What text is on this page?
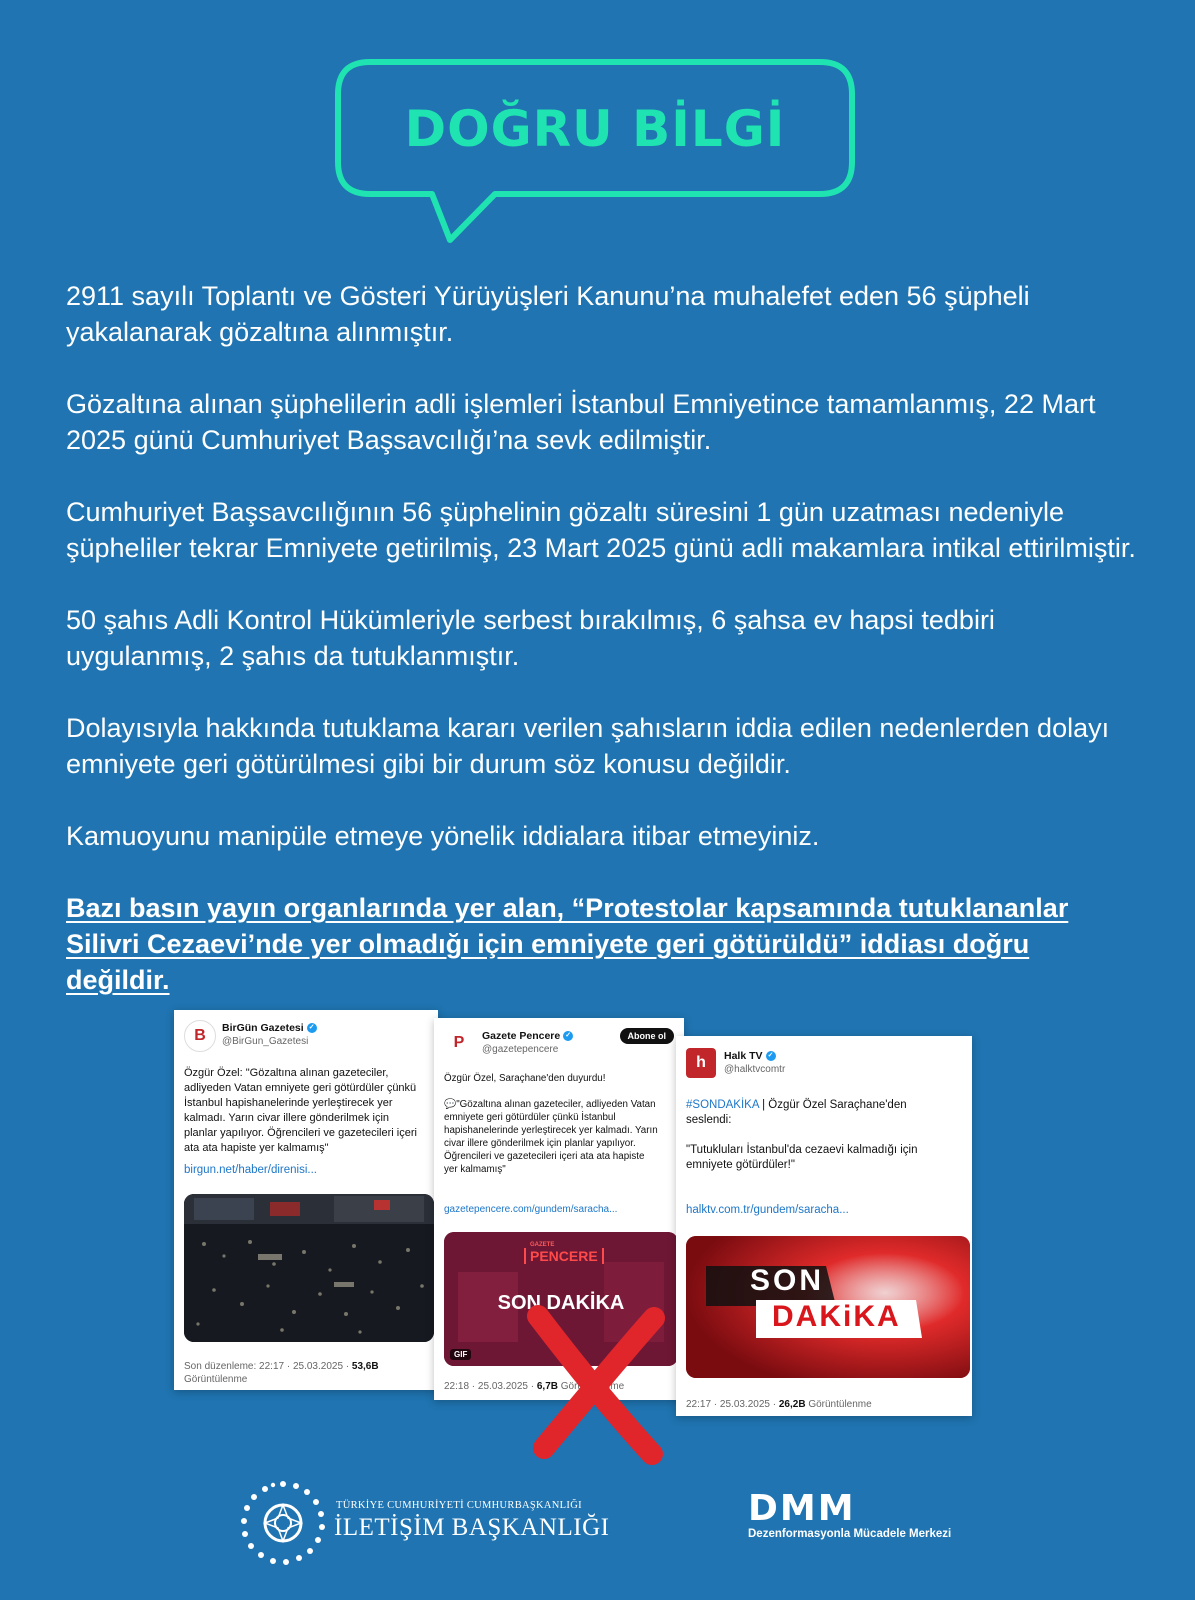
DOĞRU BİLGİ

2911 sayılı Toplantı ve Gösteri Yürüyüşleri Kanunu’na muhalefet eden 56 şüpheli yakalanarak gözaltına alınmıştır.

Gözaltına alınan şüphelilerin adli işlemleri İstanbul Emniyetince tamamlanmış, 22 Mart 2025 günü Cumhuriyet Başsavcılığı’na sevk edilmiştir.

Cumhuriyet Başsavcılığının 56 şüphelinin gözaltı süresini 1 gün uzatması nedeniyle şüpheliler tekrar Emniyete getirilmiş, 23 Mart 2025 günü adli makamlara intikal ettirilmiştir.

50 şahıs Adli Kontrol Hükümleriyle serbest bırakılmış, 6 şahsa ev hapsi tedbiri uygulanmış, 2 şahıs da tutuklanmıştır.

Dolayısıyla hakkında tutuklama kararı verilen şahısların iddia edilen nedenlerden dolayı emniyete geri götürülmesi gibi bir durum söz konusu değildir.

Kamuoyunu manipüle etmeye yönelik iddialara itibar etmeyiniz.

Bazı basın yayın organlarında yer alan, “Protestolar kapsamında tutuklananlar Silivri Cezaevi’nde yer olmadığı için emniyete geri götürüldü” iddiası doğru değildir.

B BirGün Gazetesi ✓
@BirGun_Gazetesi
Özgür Özel: "Gözaltına alınan gazeteciler,
adliyeden Vatan emniyete geri götürdüler çünkü
İstanbul hapishanelerinde yerleştirecek yer
kalmadı. Yarın civar illere gönderilmek için
planlar yapılıyor. Öğrencileri ve gazetecileri içeri
ata ata hapiste yer kalmamış"
birgun.net/haber/direnisi...
Son düzenleme: 22:17 · 25.03.2025 · 53,6B
Görüntülenme
P Gazete Pencere ✓
@gazetepencere
Abone ol
Özgür Özel, Saraçhane'den duyurdu!

💬"Gözaltına alınan gazeteciler, adliyeden Vatan
emniyete geri götürdüler çünkü İstanbul
hapishanelerinde yerleştirecek yer kalmadı. Yarın
civar illere gönderilmek için planlar yapılıyor.
Öğrencileri ve gazetecileri içeri ata ata hapiste
yer kalmamış"
gazetepencere.com/gundem/saracha...
GAZETE
PENCERE
SON DAKİKA
GIF
22:18 · 25.03.2025 · 6,7B Görüntülenme
h Halk TV ✓
@halktvcomtr
#SONDAKİKA | Özgür Özel Saraçhane'den
seslendi:

"Tutukluları İstanbul'da cezaevi kalmadığı için
emniyete götürdüler!"
halktv.com.tr/gundem/saracha...
SON
DAKiKA
22:17 · 25.03.2025 · 26,2B Görüntülenme
TÜRKİYE CUMHURİYETİ CUMHURBAŞKANLIĞI
İLETİŞİM BAŞKANLIĞI	DMM
Dezenformasyonla Mücadele Merkezi
